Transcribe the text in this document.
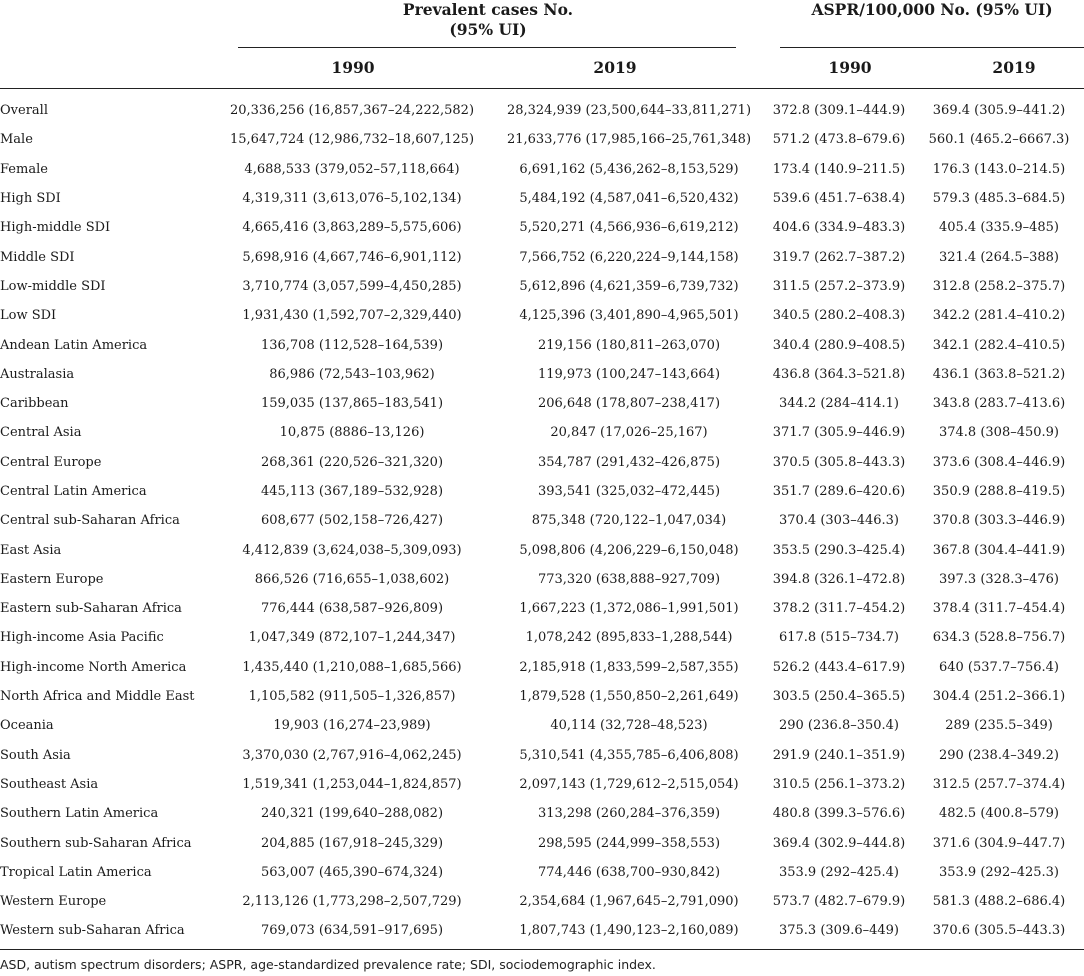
Prevalent cases No.
(95% UI)
ASPR/100,000 No. (95% UI)
1990	2019	1990	2019
Overall	20,336,256 (16,857,367–24,222,582)	28,324,939 (23,500,644–33,811,271)	372.8 (309.1–444.9)	369.4 (305.9–441.2)
Male	15,647,724 (12,986,732–18,607,125)	21,633,776 (17,985,166–25,761,348)	571.2 (473.8–679.6)	560.1 (465.2–6667.3)
Female	4,688,533 (379,052–57,118,664)	6,691,162 (5,436,262–8,153,529)	173.4 (140.9–211.5)	176.3 (143.0–214.5)
High SDI	4,319,311 (3,613,076–5,102,134)	5,484,192 (4,587,041–6,520,432)	539.6 (451.7–638.4)	579.3 (485.3–684.5)
High-middle SDI	4,665,416 (3,863,289–5,575,606)	5,520,271 (4,566,936–6,619,212)	404.6 (334.9–483.3)	405.4 (335.9–485)
Middle SDI	5,698,916 (4,667,746–6,901,112)	7,566,752 (6,220,224–9,144,158)	319.7 (262.7–387.2)	321.4 (264.5–388)
Low-middle SDI	3,710,774 (3,057,599–4,450,285)	5,612,896 (4,621,359–6,739,732)	311.5 (257.2–373.9)	312.8 (258.2–375.7)
Low SDI	1,931,430 (1,592,707–2,329,440)	4,125,396 (3,401,890–4,965,501)	340.5 (280.2–408.3)	342.2 (281.4–410.2)
Andean Latin America	136,708 (112,528–164,539)	219,156 (180,811–263,070)	340.4 (280.9–408.5)	342.1 (282.4–410.5)
Australasia	86,986 (72,543–103,962)	119,973 (100,247–143,664)	436.8 (364.3–521.8)	436.1 (363.8–521.2)
Caribbean	159,035 (137,865–183,541)	206,648 (178,807–238,417)	344.2 (284–414.1)	343.8 (283.7–413.6)
Central Asia	10,875 (8886–13,126)	20,847 (17,026–25,167)	371.7 (305.9–446.9)	374.8 (308–450.9)
Central Europe	268,361 (220,526–321,320)	354,787 (291,432–426,875)	370.5 (305.8–443.3)	373.6 (308.4–446.9)
Central Latin America	445,113 (367,189–532,928)	393,541 (325,032–472,445)	351.7 (289.6–420.6)	350.9 (288.8–419.5)
Central sub-Saharan Africa	608,677 (502,158–726,427)	875,348 (720,122–1,047,034)	370.4 (303–446.3)	370.8 (303.3–446.9)
East Asia	4,412,839 (3,624,038–5,309,093)	5,098,806 (4,206,229–6,150,048)	353.5 (290.3–425.4)	367.8 (304.4–441.9)
Eastern Europe	866,526 (716,655–1,038,602)	773,320 (638,888–927,709)	394.8 (326.1–472.8)	397.3 (328.3–476)
Eastern sub-Saharan Africa	776,444 (638,587–926,809)	1,667,223 (1,372,086–1,991,501)	378.2 (311.7–454.2)	378.4 (311.7–454.4)
High-income Asia Pacific	1,047,349 (872,107–1,244,347)	1,078,242 (895,833–1,288,544)	617.8 (515–734.7)	634.3 (528.8–756.7)
High-income North America	1,435,440 (1,210,088–1,685,566)	2,185,918 (1,833,599–2,587,355)	526.2 (443.4–617.9)	640 (537.7–756.4)
North Africa and Middle East	1,105,582 (911,505–1,326,857)	1,879,528 (1,550,850–2,261,649)	303.5 (250.4–365.5)	304.4 (251.2–366.1)
Oceania	19,903 (16,274–23,989)	40,114 (32,728–48,523)	290 (236.8–350.4)	289 (235.5–349)
South Asia	3,370,030 (2,767,916–4,062,245)	5,310,541 (4,355,785–6,406,808)	291.9 (240.1–351.9)	290 (238.4–349.2)
Southeast Asia	1,519,341 (1,253,044–1,824,857)	2,097,143 (1,729,612–2,515,054)	310.5 (256.1–373.2)	312.5 (257.7–374.4)
Southern Latin America	240,321 (199,640–288,082)	313,298 (260,284–376,359)	480.8 (399.3–576.6)	482.5 (400.8–579)
Southern sub-Saharan Africa	204,885 (167,918–245,329)	298,595 (244,999–358,553)	369.4 (302.9–444.8)	371.6 (304.9–447.7)
Tropical Latin America	563,007 (465,390–674,324)	774,446 (638,700–930,842)	353.9 (292–425.4)	353.9 (292–425.3)
Western Europe	2,113,126 (1,773,298–2,507,729)	2,354,684 (1,967,645–2,791,090)	573.7 (482.7–679.9)	581.3 (488.2–686.4)
Western sub-Saharan Africa	769,073 (634,591–917,695)	1,807,743 (1,490,123–2,160,089)	375.3 (309.6–449)	370.6 (305.5–443.3)
ASD, autism spectrum disorders; ASPR, age-standardized prevalence rate; SDI, sociodemographic index.
